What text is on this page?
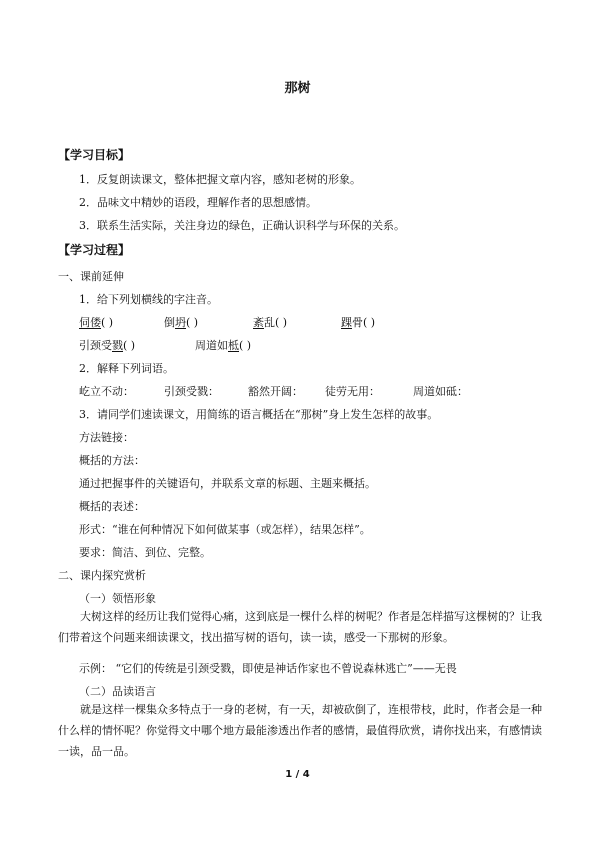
那树
【学习目标】
1．反复朗读课文，整体把握文章内容，感知老树的形象。
2．品味文中精妙的语段，理解作者的思想感情。
3．联系生活实际，关注身边的绿色，正确认识科学与环保的关系。
【学习过程】
一、课前延伸
1．给下列划横线的字注音。
伺偻( )	倒坍( )	紊乱( )	踝骨( )
引颈受戮( )	周道如柢( )
2．解释下列词语。
屹立不动：	引颈受戮：	豁然开阔： 徒劳无用：	周道如砥：
3．请同学们速读课文，用简练的语言概括在“那树”身上发生怎样的故事。
方法链接：
概括的方法：
通过把握事件的关键语句，并联系文章的标题、主题来概括。
概括的表述：
形式：“谁在何种情况下如何做某事（或怎样），结果怎样”。
要求：简洁、到位、完整。
二、课内探究赏析
（一）领悟形象
大树这样的经历让我们觉得心痛，这到底是一棵什么样的树呢？作者是怎样描写这棵树的？让我们带着这个问题来细读课文，找出描写树的语句，读一读，感受一下那树的形象。
示例： “它们的传统是引颈受戮，即使是神话作家也不曾说森林逃亡”——无畏
（二）品读语言
就是这样一棵集众多特点于一身的老树，有一天，却被砍倒了，连根带枝，此时，作者会是一种什么样的情怀呢？你觉得文中哪个地方最能渗透出作者的感情，最值得欣赏，请你找出来，有感情读一读，品一品。
1 / 4
